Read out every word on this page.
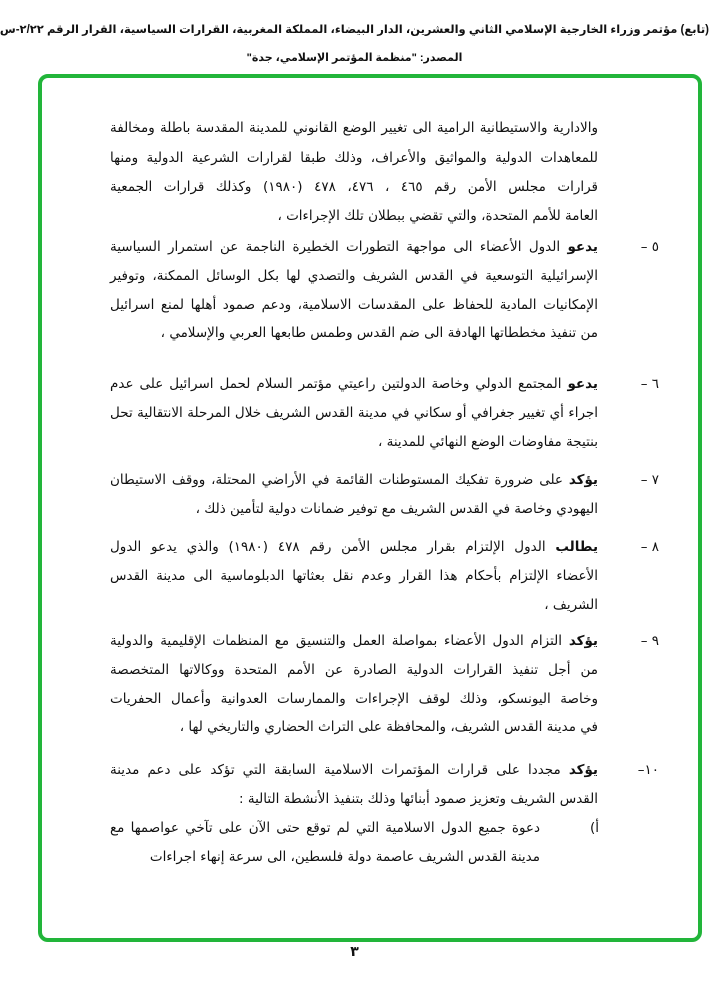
(تابع) مؤتمر وزراء الخارجية الإسلامي الثاني والعشرين، الدار البيضاء، المملكة المغربية، القرارات السياسية، القرار الرقم ٢/٢٢-س
المصدر: "منظمة المؤتمر الإسلامي، جدة"
والادارية والاستيطانية الرامية الى تغيير الوضع القانوني للمدينة المقدسة باطلة ومخالفة
للمعاهدات الدولية والمواثيق والأعراف، وذلك طبقا لقرارات الشرعية الدولية ومنها
قرارات مجلس الأمن رقم ٤٦٥ ، ٤٧٦، ٤٧٨ (١٩٨٠) وكذلك قرارات الجمعية
العامة للأمم المتحدة، والتي تقضي ببطلان تلك الإجراءات ،
٥ –
يدعو الدول الأعضاء الى مواجهة التطورات الخطيرة الناجمة عن استمرار السياسية
الإسرائيلية التوسعية في القدس الشريف والتصدي لها بكل الوسائل الممكنة، وتوفير
الإمكانيات المادية للحفاظ على المقدسات الاسلامية، ودعم صمود أهلها لمنع اسرائيل
من تنفيذ مخططاتها الهادفة الى ضم القدس وطمس طابعها العربي والإسلامي ،
٦ –
يدعو المجتمع الدولي وخاصة الدولتين راعيتي مؤتمر السلام لحمل اسرائيل على عدم
اجراء أي تغيير جغرافي أو سكاني في مدينة القدس الشريف خلال المرحلة الانتقالية تحل
بنتيجة مفاوضات الوضع النهائي للمدينة ،
٧ –
يؤكد على ضرورة تفكيك المستوطنات القائمة في الأراضي المحتلة، ووقف الاستيطان
اليهودي وخاصة في القدس الشريف مع توفير ضمانات دولية لتأمين ذلك ،
٨ –
يطالب الدول الإلتزام بقرار مجلس الأمن رقم ٤٧٨ (١٩٨٠) والذي يدعو الدول
الأعضاء الإلتزام بأحكام هذا القرار وعدم نقل بعثاتها الدبلوماسية الى مدينة القدس
الشريف ،
٩ –
يؤكد التزام الدول الأعضاء بمواصلة العمل والتنسيق مع المنظمات الإقليمية والدولية
من أجل تنفيذ القرارات الدولية الصادرة عن الأمم المتحدة ووكالاتها المتخصصة
وخاصة اليونسكو، وذلك لوقف الإجراءات والممارسات العدوانية وأعمال الحفريات
في مدينة القدس الشريف، والمحافظة على التراث الحضاري والتاريخي لها ،
١٠–
يؤكد مجددا على قرارات المؤتمرات الاسلامية السابقة التي تؤكد على دعم مدينة
القدس الشريف وتعزيز صمود أبنائها وذلك بتنفيذ الأنشطة التالية :
أ)
دعوة جميع الدول الاسلامية التي لم توقع حتى الآن على تآخي عواصمها مع
مدينة القدس الشريف عاصمة دولة فلسطين، الى سرعة إنهاء اجراءات
٣
